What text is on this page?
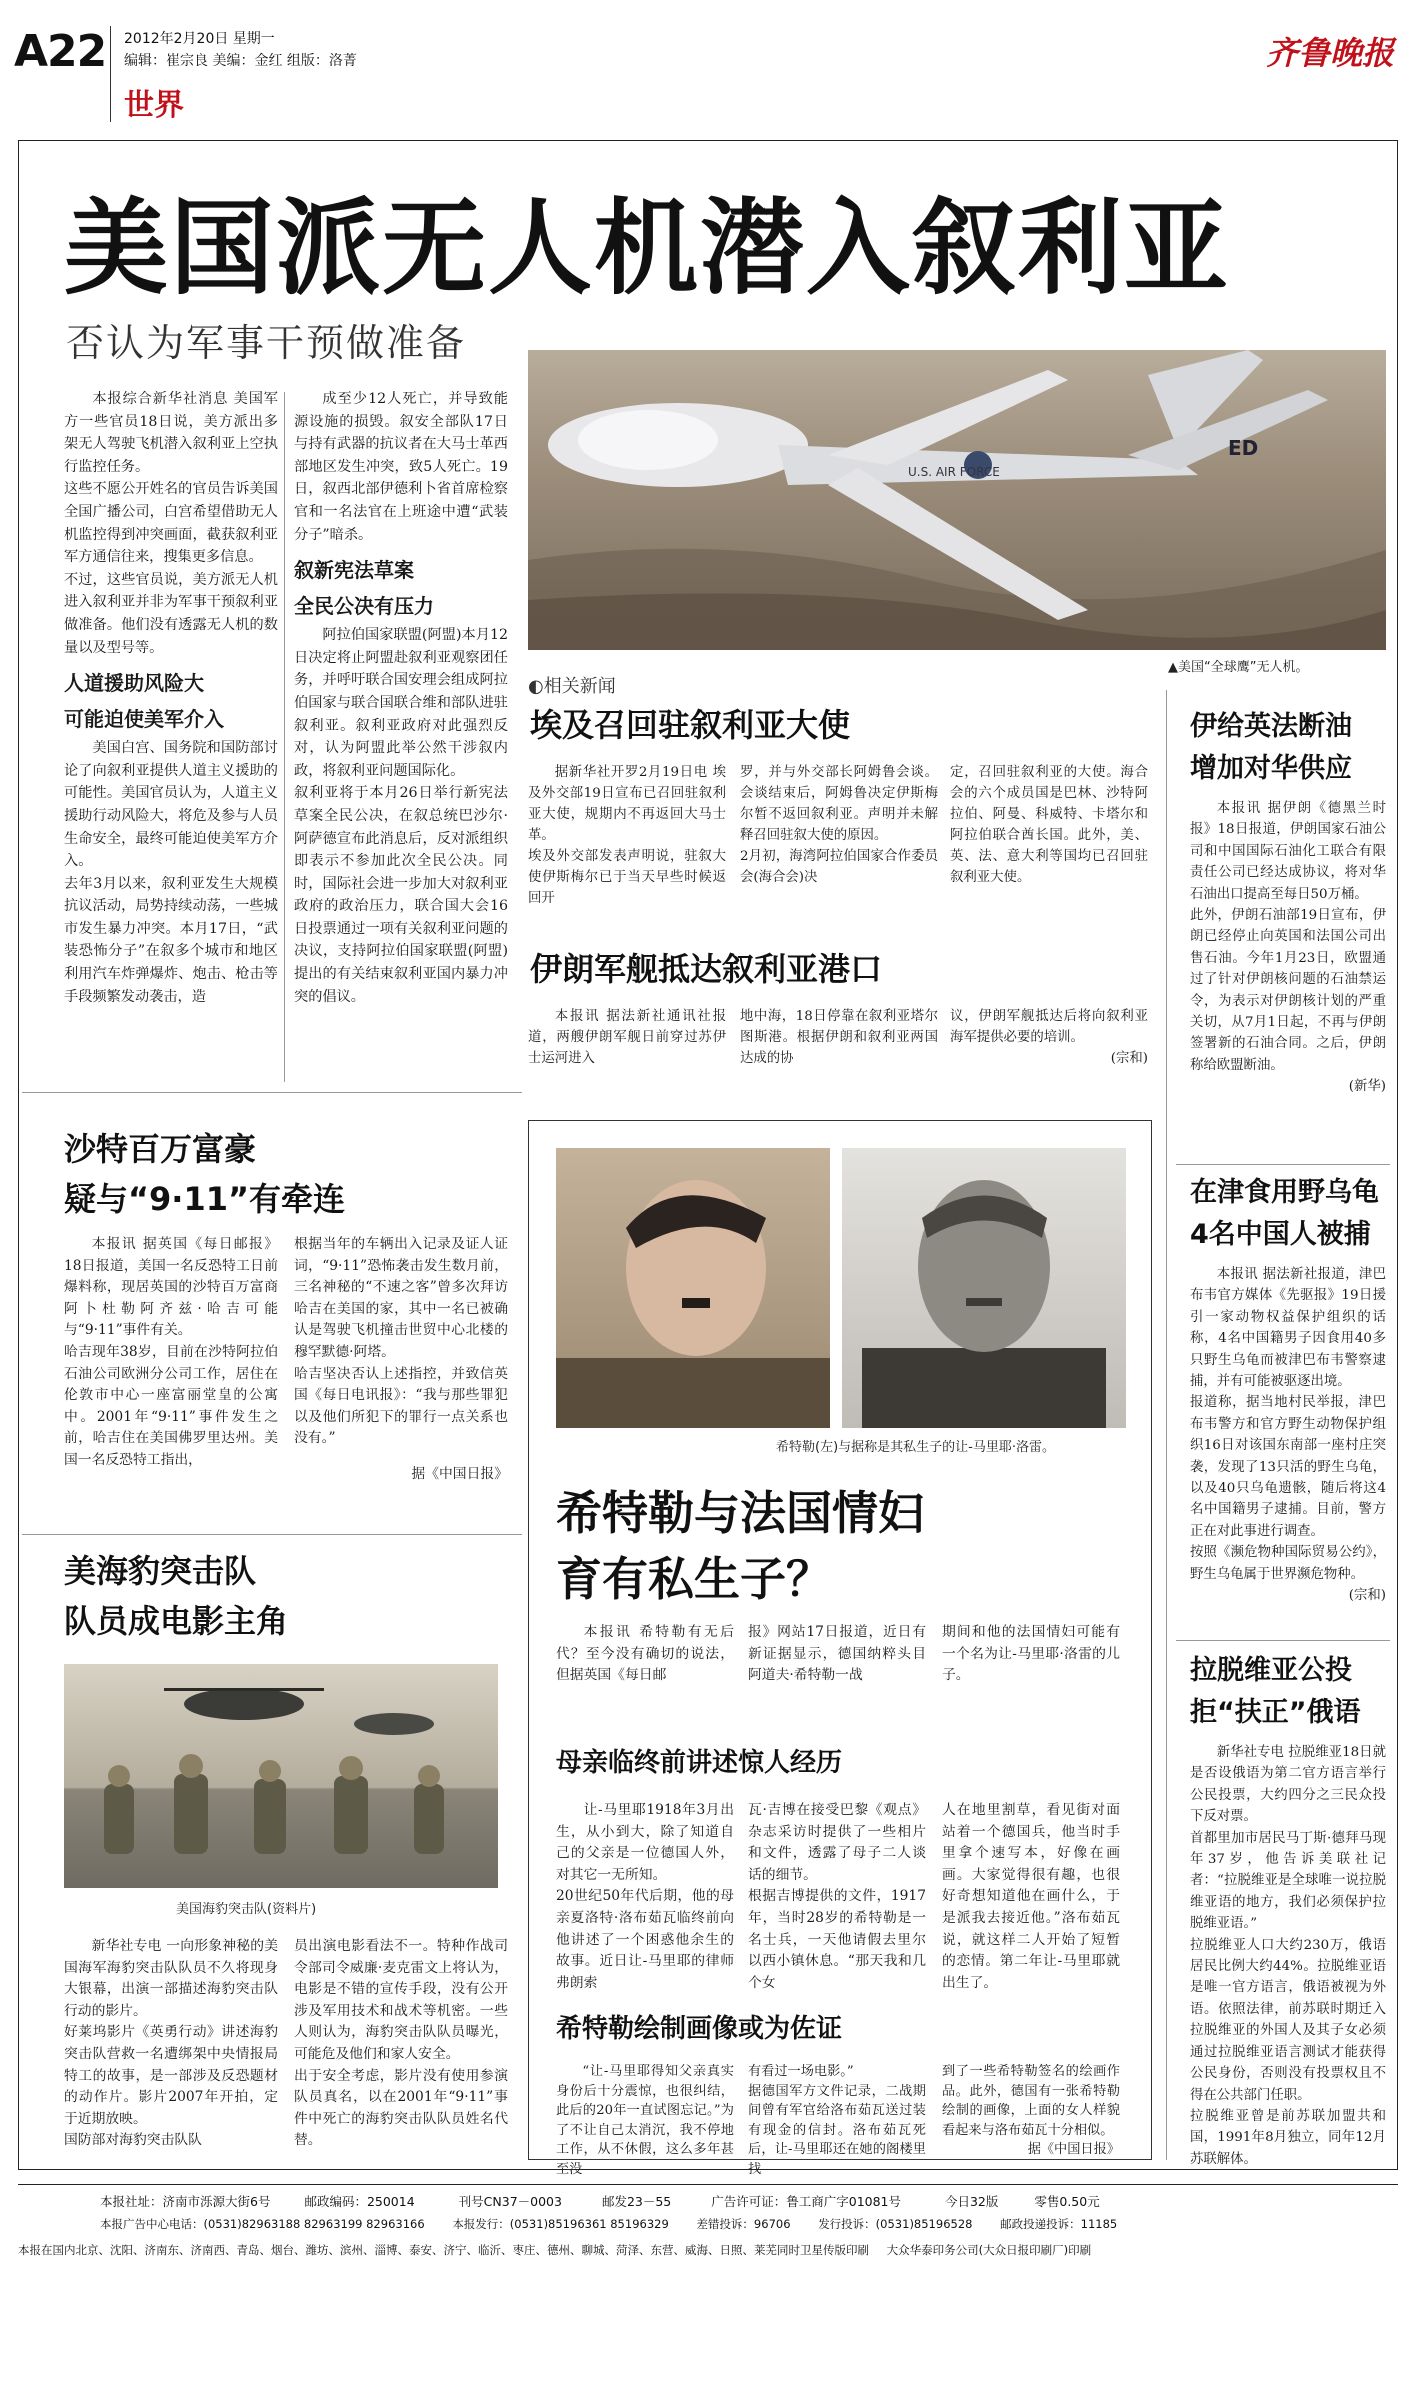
A22 2012年2月20日 星期一
编辑：崔宗良 美编：金红 组版：洛菁
世界
齐鲁晚报
美国派无人机潜入叙利亚
否认为军事干预做准备

本报综合新华社消息 美国军方一些官员18日说，美方派出多架无人驾驶飞机潜入叙利亚上空执行监控任务。
这些不愿公开姓名的官员告诉美国全国广播公司，白宫希望借助无人机监控得到冲突画面，截获叙利亚军方通信往来，搜集更多信息。
不过，这些官员说，美方派无人机进入叙利亚并非为军事干预叙利亚做准备。他们没有透露无人机的数量以及型号等。

人道援助风险大
可能迫使美军介入

美国白宫、国务院和国防部讨论了向叙利亚提供人道主义援助的可能性。美国官员认为，人道主义援助行动风险大，将危及参与人员生命安全，最终可能迫使美军方介入。
去年3月以来，叙利亚发生大规模抗议活动，局势持续动荡，一些城市发生暴力冲突。本月17日，“武装恐怖分子”在叙多个城市和地区利用汽车炸弹爆炸、炮击、枪击等手段频繁发动袭击，造

成至少12人死亡，并导致能源设施的损毁。叙安全部队17日与持有武器的抗议者在大马士革西部地区发生冲突，致5人死亡。19日，叙西北部伊德利卜省首席检察官和一名法官在上班途中遭“武装分子”暗杀。

叙新宪法草案
全民公决有压力

阿拉伯国家联盟(阿盟)本月12日决定将止阿盟赴叙利亚观察团任务，并呼吁联合国安理会组成阿拉伯国家与联合国联合维和部队进驻叙利亚。叙利亚政府对此强烈反对，认为阿盟此举公然干涉叙内政，将叙利亚问题国际化。
叙利亚将于本月26日举行新宪法草案全民公决，在叙总统巴沙尔·阿萨德宣布此消息后，反对派组织即表示不参加此次全民公决。同时，国际社会进一步加大对叙利亚政府的政治压力，联合国大会16日投票通过一项有关叙利亚问题的决议，支持阿拉伯国家联盟(阿盟)提出的有关结束叙利亚国内暴力冲突的倡议。

U.S. AIR FORCE
ED
▲美国“全球鹰”无人机。
◐相关新闻
埃及召回驻叙利亚大使

据新华社开罗2月19日电 埃及外交部19日宣布已召回驻叙利亚大使，规期内不再返回大马士革。
埃及外交部发表声明说，驻叙大使伊斯梅尔已于当天早些时候返回开

罗，并与外交部长阿姆鲁会谈。会谈结束后，阿姆鲁决定伊斯梅尔暂不返回叙利亚。声明并未解释召回驻叙大使的原因。
2月初，海湾阿拉伯国家合作委员会(海合会)决

定，召回驻叙利亚的大使。海合会的六个成员国是巴林、沙特阿拉伯、阿曼、科威特、卡塔尔和阿拉伯联合酋长国。此外，美、英、法、意大利等国均已召回驻叙利亚大使。

伊朗军舰抵达叙利亚港口

本报讯 据法新社通讯社报道，两艘伊朗军舰日前穿过苏伊士运河进入

地中海，18日停靠在叙利亚塔尔图斯港。根据伊朗和叙利亚两国达成的协

议，伊朗军舰抵达后将向叙利亚海军提供必要的培训。

(宗和)
伊给英法断油
增加对华供应

本报讯 据伊朗《德黑兰时报》18日报道，伊朗国家石油公司和中国国际石油化工联合有限责任公司已经达成协议，将对华石油出口提高至每日50万桶。
此外，伊朗石油部19日宣布，伊朗已经停止向英国和法国公司出售石油。今年1月23日，欧盟通过了针对伊朗核问题的石油禁运令，为表示对伊朗核计划的严重关切，从7月1日起，不再与伊朗签署新的石油合同。之后，伊朗称给欧盟断油。

(新华)
在津食用野乌龟
4名中国人被捕

本报讯 据法新社报道，津巴布韦官方媒体《先驱报》19日援引一家动物权益保护组织的话称，4名中国籍男子因食用40多只野生乌龟而被津巴布韦警察逮捕，并有可能被驱逐出境。
报道称，据当地村民举报，津巴布韦警方和官方野生动物保护组织16日对该国东南部一座村庄突袭，发现了13只活的野生乌龟，以及40只乌龟遗骸，随后将这4名中国籍男子逮捕。目前，警方正在对此事进行调查。
按照《濒危物种国际贸易公约》，野生乌龟属于世界濒危物种。

(宗和)
拉脱维亚公投
拒“扶正”俄语

新华社专电 拉脱维亚18日就是否设俄语为第二官方语言举行公民投票，大约四分之三民众投下反对票。
首都里加市居民马丁斯·德拜马现年37岁，他告诉美联社记者：“拉脱维亚是全球唯一说拉脱维亚语的地方，我们必须保护拉脱维亚语。”
拉脱维亚人口大约230万，俄语居民比例大约44%。拉脱维亚语是唯一官方语言，俄语被视为外语。依照法律，前苏联时期迁入拉脱维亚的外国人及其子女必须通过拉脱维亚语言测试才能获得公民身份，否则没有投票权且不得在公共部门任职。
拉脱维亚曾是前苏联加盟共和国，1991年8月独立，同年12月苏联解体。

沙特百万富豪
疑与“9·11”有牵连

本报讯 据英国《每日邮报》18日报道，美国一名反恐特工日前爆料称，现居英国的沙特百万富商阿卜杜勒阿齐兹·哈吉可能与“9·11”事件有关。
哈吉现年38岁，目前在沙特阿拉伯石油公司欧洲分公司工作，居住在伦敦市中心一座富丽堂皇的公寓中。2001年“9·11”事件发生之前，哈吉住在美国佛罗里达州。美国一名反恐特工指出，

根据当年的车辆出入记录及证人证词，“9·11”恐怖袭击发生数月前，三名神秘的“不速之客”曾多次拜访哈吉在美国的家，其中一名已被确认是驾驶飞机撞击世贸中心北楼的穆罕默德·阿塔。
哈吉坚决否认上述指控，并致信英国《每日电讯报》：“我与那些罪犯以及他们所犯下的罪行一点关系也没有。”

据《中国日报》
美海豹突击队
队员成电影主角
美国海豹突击队(资料片)

新华社专电 一向形象神秘的美国海军海豹突击队队员不久将现身大银幕，出演一部描述海豹突击队行动的影片。
好莱坞影片《英勇行动》讲述海豹突击队营救一名遭绑架中央情报局特工的故事，是一部涉及反恐题材的动作片。影片2007年开拍，定于近期放映。
国防部对海豹突击队队

员出演电影看法不一。特种作战司令部司令威廉·麦克雷文上将认为，电影是不错的宣传手段，没有公开涉及军用技术和战术等机密。一些人则认为，海豹突击队队员曝光，可能危及他们和家人安全。
出于安全考虑，影片没有使用参演队员真名，以在2001年“9·11”事件中死亡的海豹突击队队员姓名代替。

希特勒(左)与据称是其私生子的让-马里耶·洛雷。
希特勒与法国情妇
育有私生子？

本报讯 希特勒有无后代？至今没有确切的说法，但据英国《每日邮

报》网站17日报道，近日有新证据显示，德国纳粹头目阿道夫·希特勒一战

期间和他的法国情妇可能有一个名为让-马里耶·洛雷的儿子。

母亲临终前讲述惊人经历

让-马里耶1918年3月出生，从小到大，除了知道自己的父亲是一位德国人外，对其它一无所知。
20世纪50年代后期，他的母亲夏洛特·洛布茹瓦临终前向他讲述了一个困惑他余生的故事。近日让-马里耶的律师弗朗索

瓦·吉博在接受巴黎《观点》杂志采访时提供了一些相片和文件，透露了母子二人谈话的细节。
根据吉博提供的文件，1917年，当时28岁的希特勒是一名士兵，一天他请假去里尔以西小镇休息。“那天我和几个女

人在地里割草，看见街对面站着一个德国兵，他当时手里拿个速写本，好像在画画。大家觉得很有趣，也很好奇想知道他在画什么，于是派我去接近他。”洛布茹瓦说，就这样二人开始了短暂的恋情。第二年让-马里耶就出生了。

希特勒绘制画像或为佐证

“让-马里耶得知父亲真实身份后十分震惊，也很纠结，此后的20年一直试图忘记。”为了不让自己太消沉，我不停地工作，从不休假，这么多年甚至没

有看过一场电影。”
据德国军方文件记录，二战期间曾有军官给洛布茹瓦送过装有现金的信封。洛布茹瓦死后，让-马里耶还在她的阁楼里找

到了一些希特勒签名的绘画作品。此外，德国有一张希特勒绘制的画像，上面的女人样貌看起来与洛布茹瓦十分相似。

据《中国日报》
本报社址：济南市泺源大街6号	邮政编码：250014	刊号CN37－0003	邮发23－55	广告许可证：鲁工商广字01081号	今日32版	零售0.50元
本报广告中心电话：(0531)82963188 82963199 82963166 本报发行：(0531)85196361 85196329 差错投诉：96706 发行投诉：(0531)85196528 邮政投递投诉：11185
本报在国内北京、沈阳、济南东、济南西、青岛、烟台、潍坊、滨州、淄博、泰安、济宁、临沂、枣庄、德州、聊城、菏泽、东营、威海、日照、莱芜同时卫星传版印刷 大众华泰印务公司(大众日报印刷厂)印刷
